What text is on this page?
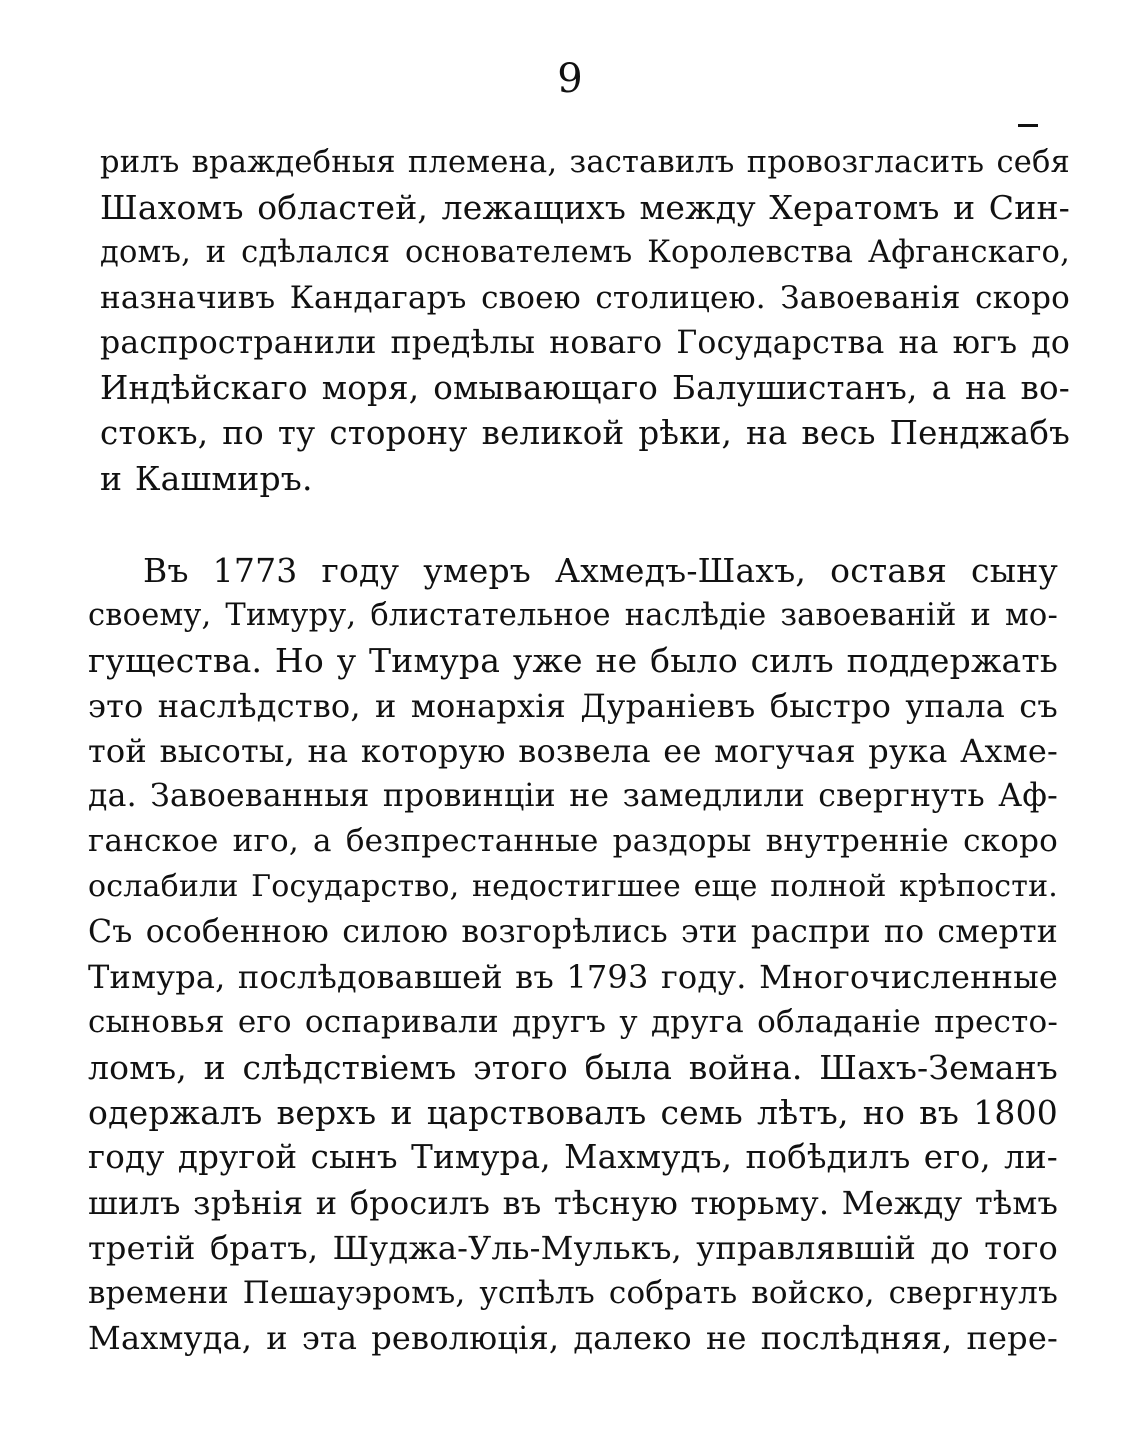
9
рилъ враждебныя племена, заставилъ провозгласить себя
Шахомъ областей, лежащихъ между Хератомъ и Син-
домъ, и сдѣлался основателемъ Королевства Афганскаго,
назначивъ Кандагаръ своею столицею. Завоеванія скоро
распространили предѣлы новаго Государства на югъ до
Индѣйскаго моря, омывающаго Балушистанъ, а на во-
стокъ, по ту сторону великой рѣки, на весь Пенджабъ
и Кашмиръ.
Въ 1773 году умеръ Ахмедъ-Шахъ, оставя сыну
своему, Тимуру, блистательное наслѣдіе завоеваній и мо-
гущества. Но у Тимура уже не было силъ поддержать
это наслѣдство, и монархія Дураніевъ быстро упала съ
той высоты, на которую возвела ее могучая рука Ахме-
да. Завоеванныя провинціи не замедлили свергнуть Аф-
ганское иго, а безпрестанные раздоры внутренніе скоро
ослабили Государство, недостигшее еще полной крѣпости.
Съ особенною силою возгорѣлись эти распри по смерти
Тимура, послѣдовавшей въ 1793 году. Многочисленные
сыновья его оспаривали другъ у друга обладаніе престо-
ломъ, и слѣдствіемъ этого была война. Шахъ-Земанъ
одержалъ верхъ и царствовалъ семь лѣтъ, но въ 1800
году другой сынъ Тимура, Махмудъ, побѣдилъ его, ли-
шилъ зрѣнія и бросилъ въ тѣсную тюрьму. Между тѣмъ
третій братъ, Шуджа-Уль-Мулькъ, управлявшій до того
времени Пешауэромъ, успѣлъ собрать войско, свергнулъ
Махмуда, и эта революція, далеко не послѣдняя, пере-
